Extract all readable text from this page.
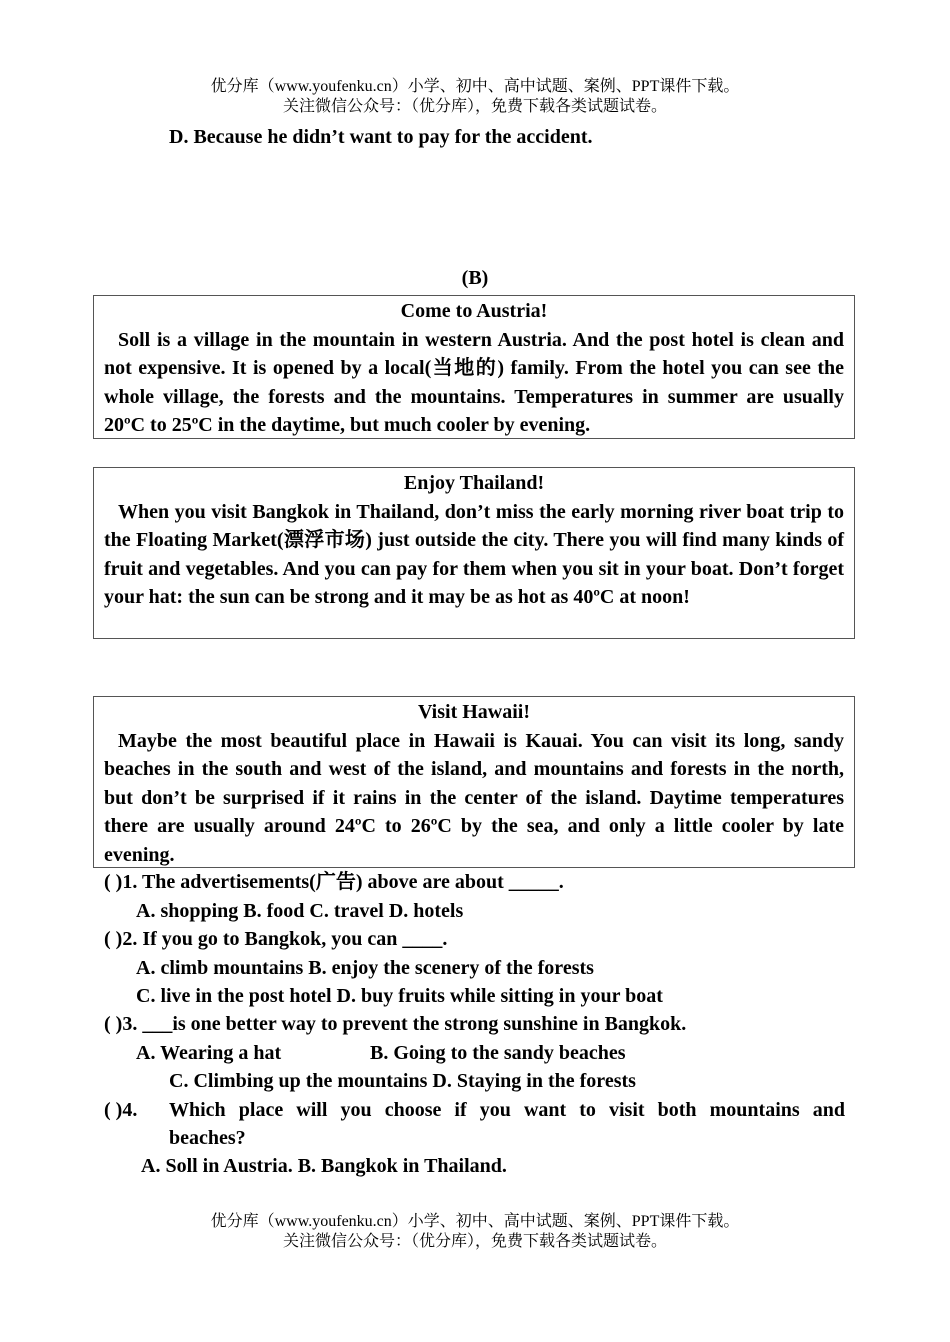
优分库（www.youfenku.cn）小学、初中、高中试题、案例、PPT课件下载。
关注微信公众号：（优分库），免费下载各类试题试卷。
D. Because he didn’t want to pay for the accident.
(B)
Come to Austria!
Soll is a village in the mountain in western Austria. And the post hotel is clean and not expensive. It is opened by a local(当地的) family. From the hotel you can see the whole village, the forests and the mountains. Temperatures in summer are usually 20ºC to 25ºC in the daytime, but much cooler by evening.
Enjoy Thailand!
When you visit Bangkok in Thailand, don’t miss the early morning river boat trip to the Floating Market(漂浮市场) just outside the city. There you will find many kinds of fruit and vegetables. And you can pay for them when you sit in your boat. Don’t forget your hat: the sun can be strong and it may be as hot as 40ºC at noon!
Visit Hawaii!
Maybe the most beautiful place in Hawaii is Kauai. You can visit its long, sandy beaches in the south and west of the island, and mountains and forests in the north, but don’t be surprised if it rains in the center of the island. Daytime temperatures there are usually around 24ºC to 26ºC by the sea, and only a little cooler by late evening.
( )1. The advertisements(广告) above are about _____.
A. shopping B. food C. travel D. hotels
( )2. If you go to Bangkok, you can ____.
A. climb mountains B. enjoy the scenery of the forests
C. live in the post hotel D. buy fruits while sitting in your boat
( )3. ___is one better way to prevent the strong sunshine in Bangkok.
A. Wearing a hat	B. Going to the sandy beaches
C. Climbing up the mountains D. Staying in the forests
( )4. Which place will you choose if you want to visit both mountains and
beaches?
A. Soll in Austria. B. Bangkok in Thailand.
优分库（www.youfenku.cn）小学、初中、高中试题、案例、PPT课件下载。
关注微信公众号：（优分库），免费下载各类试题试卷。
